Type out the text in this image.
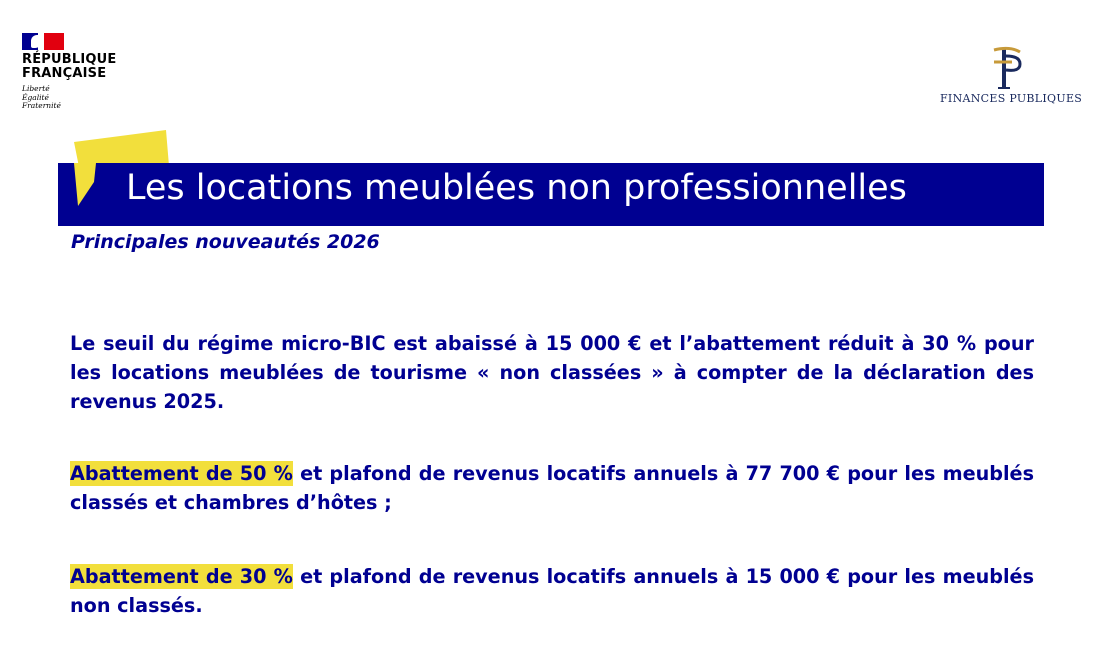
RÉPUBLIQUE
FRANÇAISE
Liberté
Égalité
Fraternité
FINANCES PUBLIQUES
Les locations meublées non professionnelles
Principales nouveautés 2026
Le seuil du régime micro-BIC est abaissé à 15 000 € et l’abattement réduit à 30 % pour les locations meublées de tourisme « non classées » à compter de la déclaration des revenus 2025.
Abattement de 50 % et plafond de revenus locatifs annuels à 77 700 € pour les meublés classés et chambres d’hôtes ;
Abattement de 30 % et plafond de revenus locatifs annuels à 15 000 € pour les meublés non classés.
